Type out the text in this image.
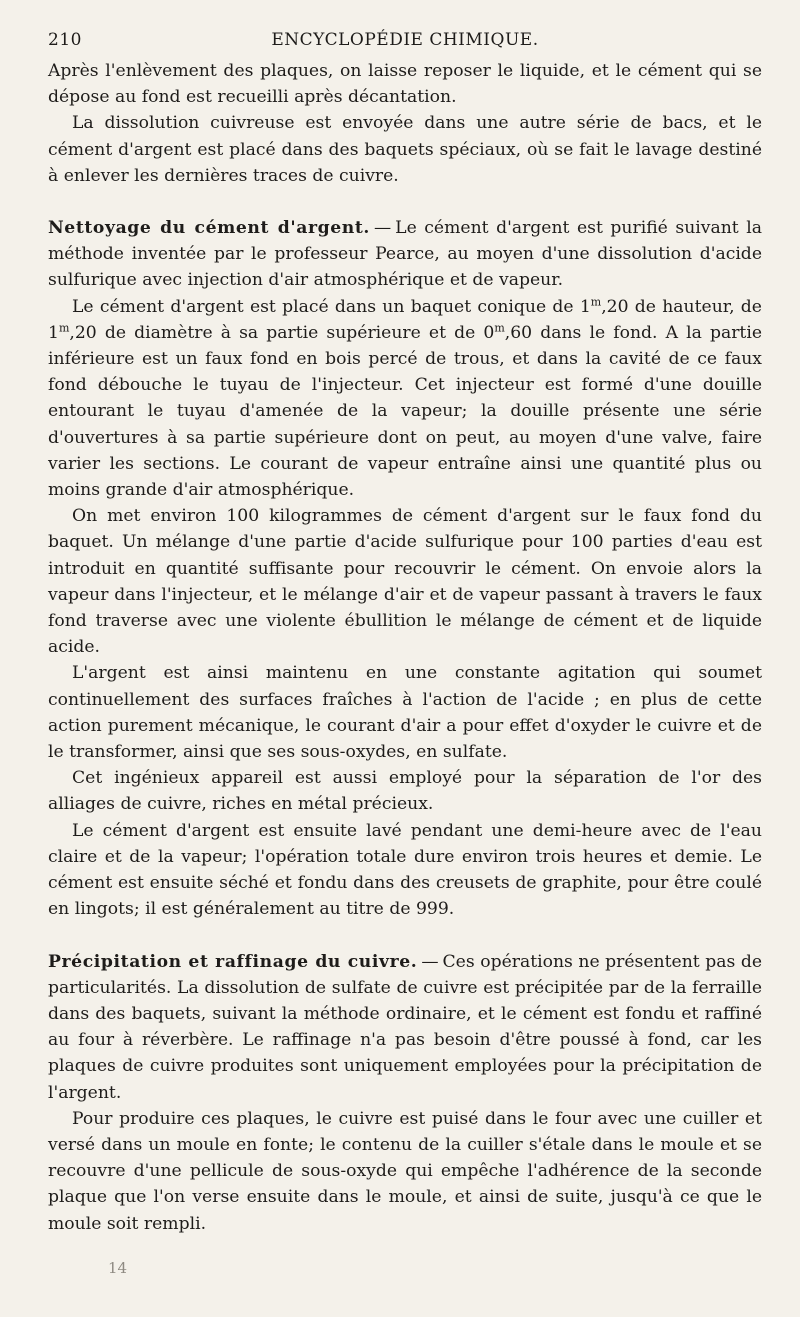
210	ENCYCLOPÉDIE CHIMIQUE.

Après l'enlèvement des plaques, on laisse reposer le liquide, et le cément qui se dépose au fond est recueilli après décantation.

La dissolution cuivreuse est envoyée dans une autre série de bacs, et le cément d'argent est placé dans des baquets spéciaux, où se fait le lavage destiné à enlever les dernières traces de cuivre.

Nettoyage du cément d'argent. — Le cément d'argent est purifié suivant la méthode inventée par le professeur Pearce, au moyen d'une dissolution d'acide sulfurique avec injection d'air atmosphérique et de vapeur.

Le cément d'argent est placé dans un baquet conique de 1$^m$,20 de hauteur, de 1$^m$,20 de diamètre à sa partie supérieure et de 0$^m$,60 dans le fond. A la partie inférieure est un faux fond en bois percé de trous, et dans la cavité de ce faux fond débouche le tuyau de l'injecteur. Cet injecteur est formé d'une douille entourant le tuyau d'amenée de la vapeur; la douille présente une série d'ouvertures à sa partie supérieure dont on peut, au moyen d'une valve, faire varier les sections. Le courant de vapeur entraîne ainsi une quantité plus ou moins grande d'air atmosphérique.

On met environ 100 kilogrammes de cément d'argent sur le faux fond du baquet. Un mélange d'une partie d'acide sulfurique pour 100 parties d'eau est introduit en quantité suffisante pour recouvrir le cément. On envoie alors la vapeur dans l'injecteur, et le mélange d'air et de vapeur passant à travers le faux fond traverse avec une violente ébullition le mélange de cément et de liquide acide.

L'argent est ainsi maintenu en une constante agitation qui soumet continuellement des surfaces fraîches à l'action de l'acide ; en plus de cette action purement mécanique, le courant d'air a pour effet d'oxyder le cuivre et de le transformer, ainsi que ses sous-oxydes, en sulfate.

Cet ingénieux appareil est aussi employé pour la séparation de l'or des alliages de cuivre, riches en métal précieux.

Le cément d'argent est ensuite lavé pendant une demi-heure avec de l'eau claire et de la vapeur; l'opération totale dure environ trois heures et demie. Le cément est ensuite séché et fondu dans des creusets de graphite, pour être coulé en lingots; il est généralement au titre de 999.

Précipitation et raffinage du cuivre. — Ces opérations ne présentent pas de particularités. La dissolution de sulfate de cuivre est précipitée par de la ferraille dans des baquets, suivant la méthode ordinaire, et le cément est fondu et raffiné au four à réverbère. Le raffinage n'a pas besoin d'être poussé à fond, car les plaques de cuivre produites sont uniquement employées pour la précipitation de l'argent.

Pour produire ces plaques, le cuivre est puisé dans le four avec une cuiller et versé dans un moule en fonte; le contenu de la cuiller s'étale dans le moule et se recouvre d'une pellicule de sous-oxyde qui empêche l'adhérence de la seconde plaque que l'on verse ensuite dans le moule, et ainsi de suite, jusqu'à ce que le moule soit rempli.

14
